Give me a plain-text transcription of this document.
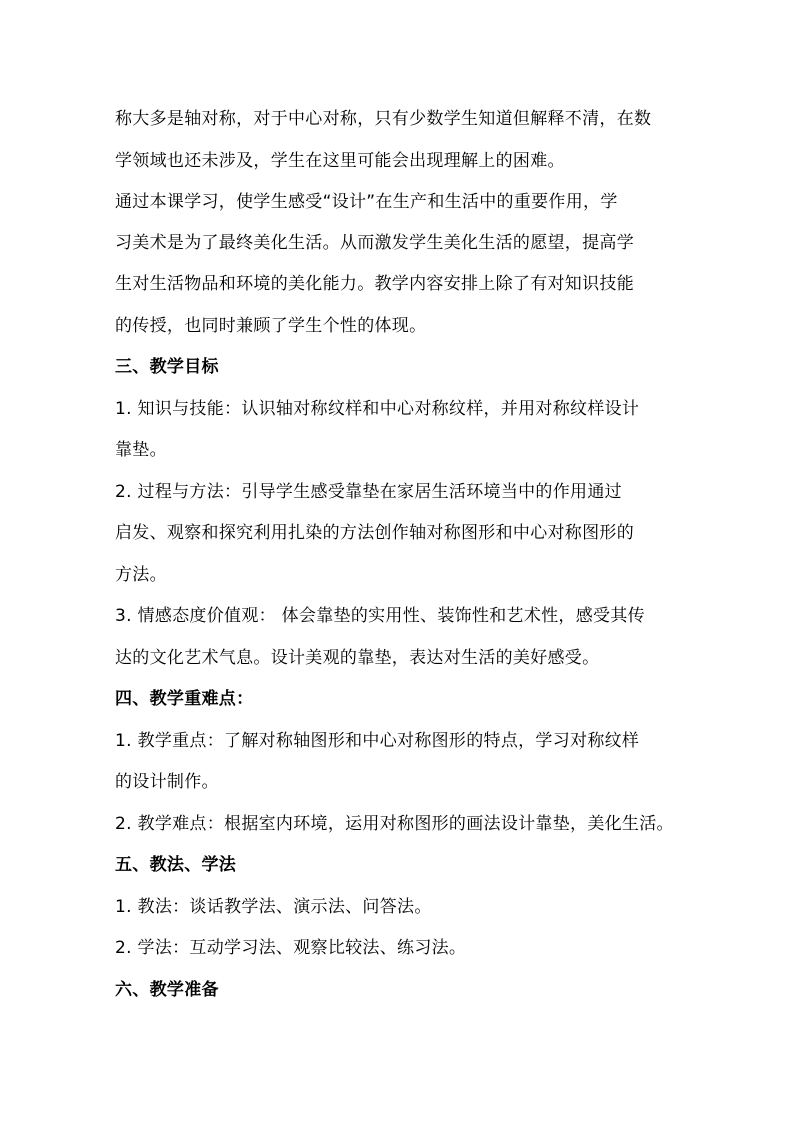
称大多是轴对称，对于中心对称，只有少数学生知道但解释不清，在数
学领域也还未涉及，学生在这里可能会出现理解上的困难。
通过本课学习，使学生感受“设计”在生产和生活中的重要作用，学
习美术是为了最终美化生活。从而激发学生美化生活的愿望，提高学
生对生活物品和环境的美化能力。教学内容安排上除了有对知识技能
的传授，也同时兼顾了学生个性的体现。
三、教学目标
1. 知识与技能：认识轴对称纹样和中心对称纹样，并用对称纹样设计
靠垫。
2. 过程与方法：引导学生感受靠垫在家居生活环境当中的作用通过
启发、观察和探究利用扎染的方法创作轴对称图形和中心对称图形的
方法。
3. 情感态度价值观： 体会靠垫的实用性、装饰性和艺术性，感受其传
达的文化艺术气息。设计美观的靠垫，表达对生活的美好感受。
四、教学重难点：
1. 教学重点：了解对称轴图形和中心对称图形的特点，学习对称纹样
的设计制作。
2. 教学难点：根据室内环境，运用对称图形的画法设计靠垫，美化生活。
五、教法、学法
1. 教法：谈话教学法、演示法、问答法。
2. 学法：互动学习法、观察比较法、练习法。
六、教学准备
